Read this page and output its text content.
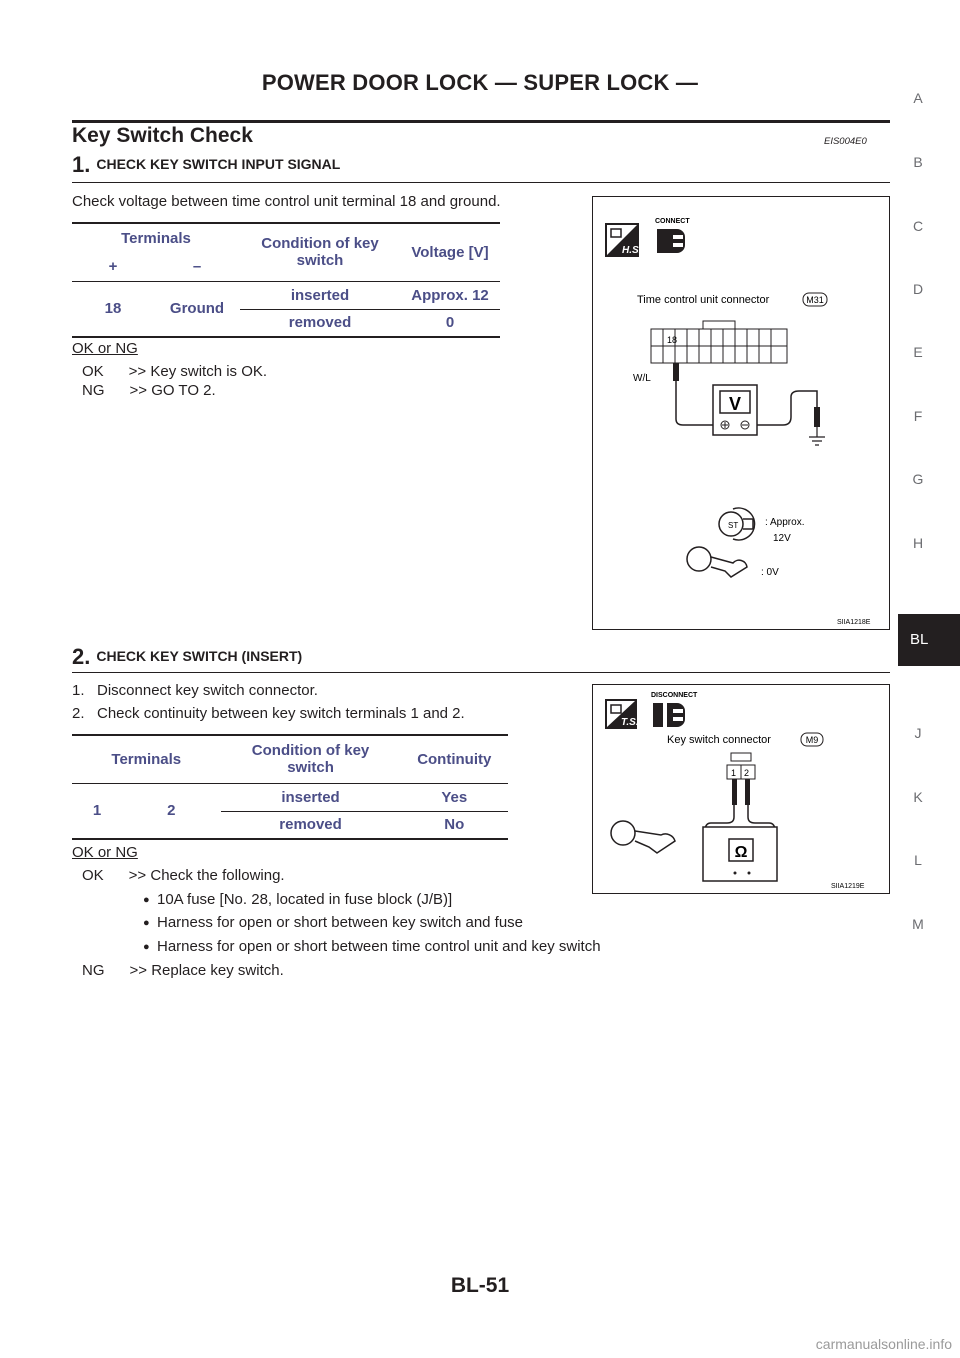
POWER DOOR LOCK — SUPER LOCK —
Key Switch Check	EIS004E0
1. CHECK KEY SWITCH INPUT SIGNAL
Check voltage between time control unit terminal 18 and ground.
Terminals		Condition of key switch	Voltage [V]
+	–		
18	Ground	inserted	Approx. 12
		removed	0
OK or NG
OK      >> Key switch is OK.
NG      >> GO TO 2.
H.S.
CONNECT
Time control unit connector	M31
18
W/L
V
ST	: Approx.
12V
: 0V
SIIA1218E
2. CHECK KEY SWITCH (INSERT)
1.   Disconnect key switch connector.
2.   Check continuity between key switch terminals 1 and 2.
Terminals		Condition of key switch	Continuity
1	2	inserted	Yes
		removed	No
OK or NG
OK      >> Check the following.
● 10A fuse [No. 28, located in fuse block (J/B)]
● Harness for open or short between key switch and fuse
● Harness for open or short between time control unit and key switch
NG      >> Replace key switch.
T.S.
DISCONNECT
Key switch connector	M9
1 2
Ω
SIIA1219E
A
B
C
D
E
F
G
H
BL
J
K
L
M
BL-51
carmanualsonline.info
